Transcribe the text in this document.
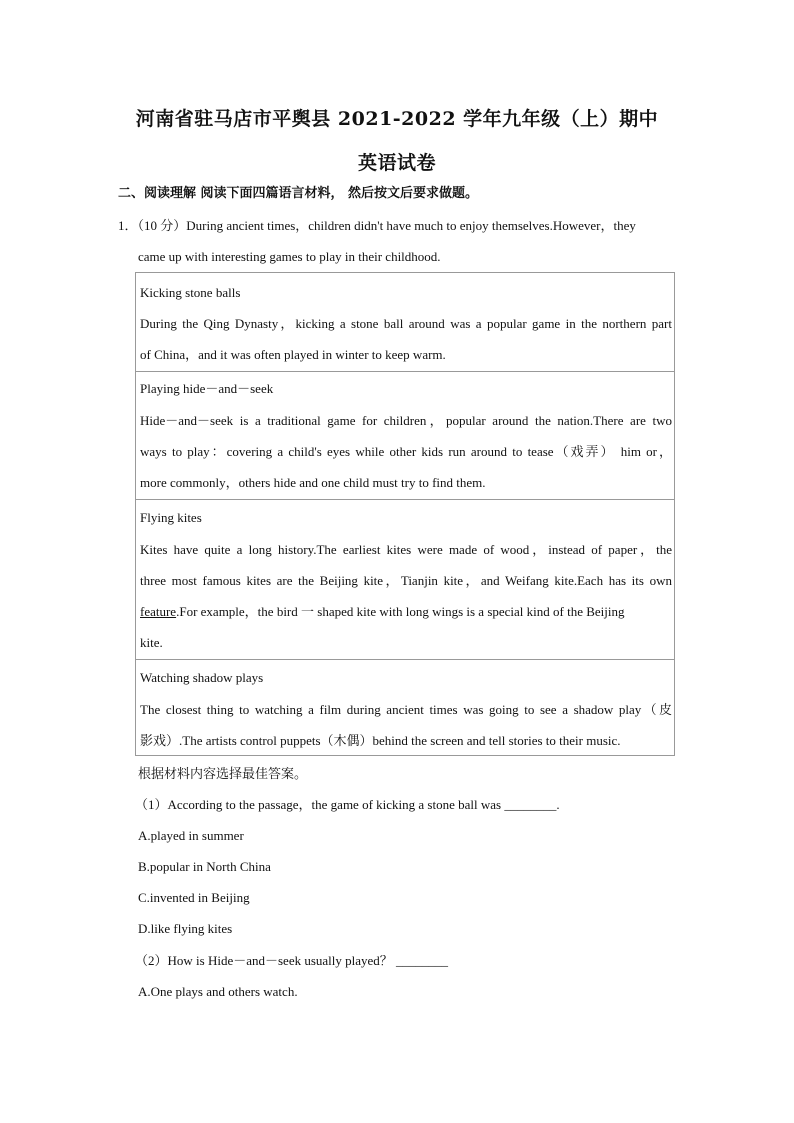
河南省驻马店市平舆县 2021-2022 学年九年级（上）期中
英语试卷
二、阅读理解 阅读下面四篇语言材料， 然后按文后要求做题。
1．（10 分）During ancient times，children didn't have much to enjoy themselves.However，they
came up with interesting games to play in their childhood.
Kicking stone balls
During the Qing Dynasty，kicking a stone ball around was a popular game in the northern part
of China，and it was often played in winter to keep warm.
Playing hide－and－seek
Hide－and－seek is a traditional game for children，popular around the nation.There are two
ways to play：covering a child's eyes while other kids run around to tease（戏弄） him or，
more commonly，others hide and one child must try to find them.
Flying kites
Kites have quite a long history.The earliest kites were made of wood，instead of paper，the
three most famous kites are the Beijing kite，Tianjin kite，and Weifang kite.Each has its own
feature.For example，the bird 一 shaped kite with long wings is a special kind of the Beijing
kite.
Watching shadow plays
The closest thing to watching a film during ancient times was going to see a shadow play（皮
影戏）.The artists control puppets（木偶）behind the screen and tell stories to their music.
根据材料内容选择最佳答案。
（1）According to the passage，the game of kicking a stone ball was ________.
A.played in summer
B.popular in North China
C.invented in Beijing
D.like flying kites
（2）How is Hide－and－seek usually played？ ________
A.One plays and others watch.
